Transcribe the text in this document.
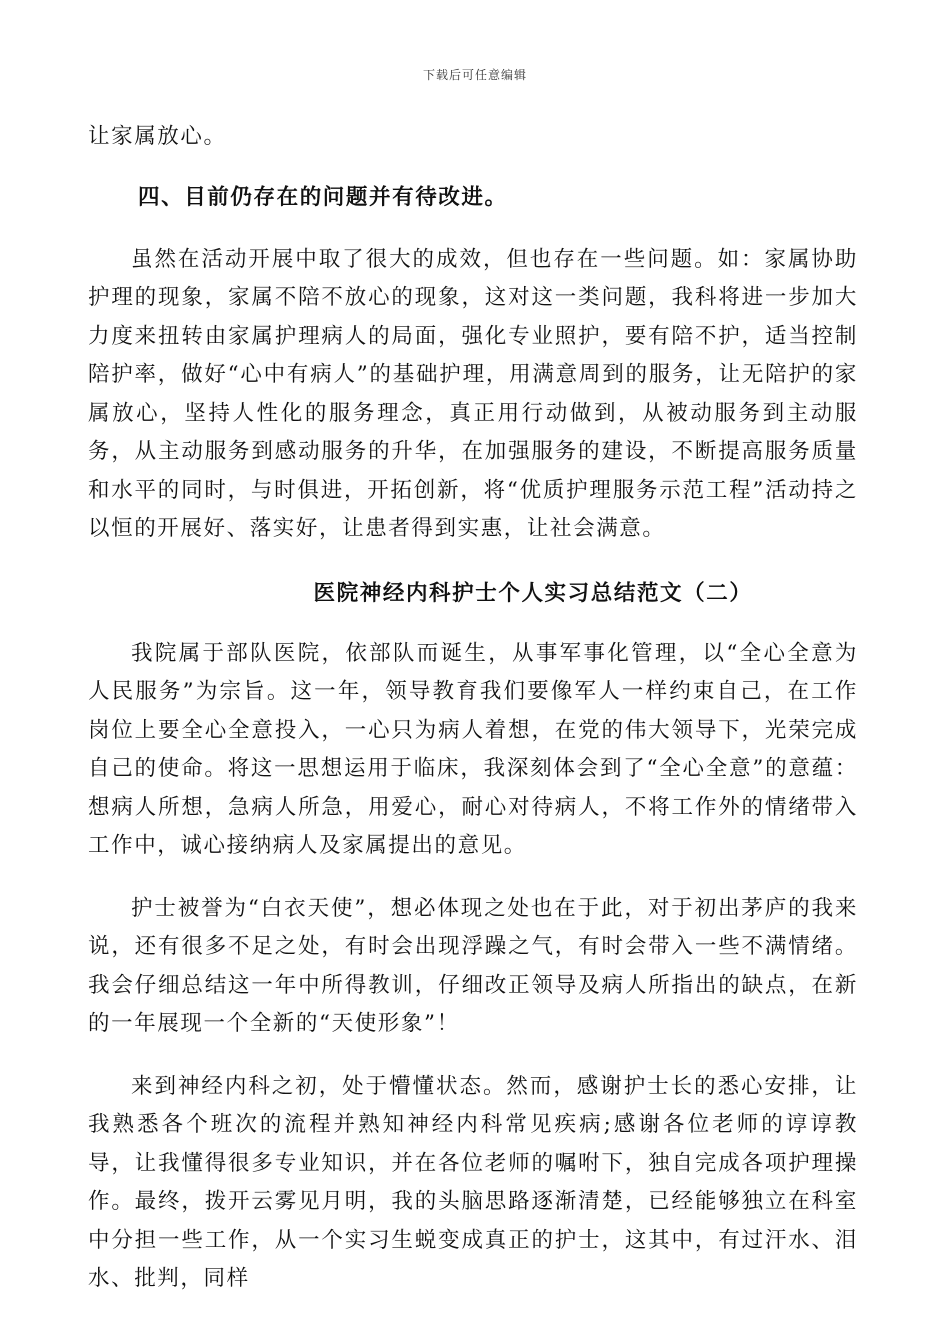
下载后可任意编辑

让家属放心。

四、目前仍存在的问题并有待改进。

虽然在活动开展中取了很大的成效，但也存在一些问题。如：家属协助护理的现象，家属不陪不放心的现象，这对这一类问题，我科将进一步加大力度来扭转由家属护理病人的局面，强化专业照护，要有陪不护，适当控制陪护率，做好“心中有病人”的基础护理，用满意周到的服务，让无陪护的家属放心，坚持人性化的服务理念，真正用行动做到，从被动服务到主动服务，从主动服务到感动服务的升华，在加强服务的建设，不断提高服务质量和水平的同时，与时俱进，开拓创新，将“优质护理服务示范工程”活动持之以恒的开展好、落实好，让患者得到实惠，让社会满意。

医院神经内科护士个人实习总结范文（二）

我院属于部队医院，依部队而诞生，从事军事化管理，以“全心全意为人民服务”为宗旨。这一年，领导教育我们要像军人一样约束自己，在工作岗位上要全心全意投入，一心只为病人着想，在党的伟大领导下，光荣完成自己的使命。将这一思想运用于临床，我深刻体会到了“全心全意”的意蕴：想病人所想，急病人所急，用爱心，耐心对待病人，不将工作外的情绪带入工作中，诚心接纳病人及家属提出的意见。

护士被誉为“白衣天使”，想必体现之处也在于此，对于初出茅庐的我来说，还有很多不足之处，有时会出现浮躁之气，有时会带入一些不满情绪。我会仔细总结这一年中所得教训，仔细改正领导及病人所指出的缺点，在新的一年展现一个全新的“天使形象”！

来到神经内科之初，处于懵懂状态。然而，感谢护士长的悉心安排，让我熟悉各个班次的流程并熟知神经内科常见疾病;感谢各位老师的谆谆教导，让我懂得很多专业知识，并在各位老师的嘱咐下，独自完成各项护理操作。最终，拨开云雾见月明，我的头脑思路逐渐清楚，已经能够独立在科室中分担一些工作，从一个实习生蜕变成真正的护士，这其中，有过汗水、泪水、批判，同样
